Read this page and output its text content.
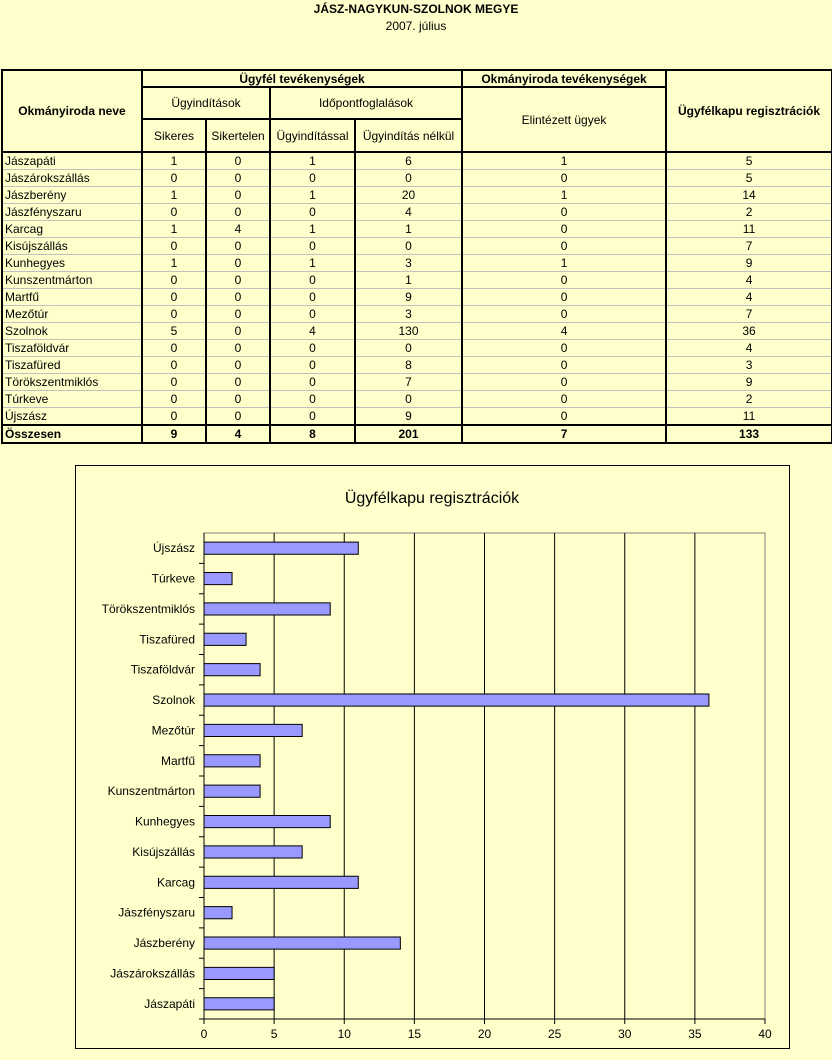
JÁSZ-NAGYKUN-SZOLNOK MEGYE
2007. július
Okmányiroda neve	Ügyfél tevékenységek				Okmányiroda tevékenységek	Ügyfélkapu regisztrációk
	Ügyindítások		Időpontfoglalások		Elintézett ügyek	
	Sikeres	Sikertelen	Ügyindítással	Ügyindítás nélkül		
Jászapáti	1	0	1	6	1	5
Jászárokszállás	0	0	0	0	0	5
Jászberény	1	0	1	20	1	14
Jászfényszaru	0	0	0	4	0	2
Karcag	1	4	1	1	0	11
Kisújszállás	0	0	0	0	0	7
Kunhegyes	1	0	1	3	1	9
Kunszentmárton	0	0	0	1	0	4
Martfű	0	0	0	9	0	4
Mezőtúr	0	0	0	3	0	7
Szolnok	5	0	4	130	4	36
Tiszaföldvár	0	0	0	0	0	4
Tiszafüred	0	0	0	8	0	3
Törökszentmiklós	0	0	0	7	0	9
Túrkeve	0	0	0	0	0	2
Újszász	0	0	0	9	0	11
Összesen	9	4	8	201	7	133
Ügyfélkapu regisztrációk
0	5	10	15	20	25	30	35	40
Jászapáti
Jászárokszállás
Jászberény
Jászfényszaru
Karcag
Kisújszállás
Kunhegyes
Kunszentmárton
Martfű
Mezőtúr
Szolnok
Tiszaföldvár
Tiszafüred
Törökszentmiklós
Túrkeve
Újszász
